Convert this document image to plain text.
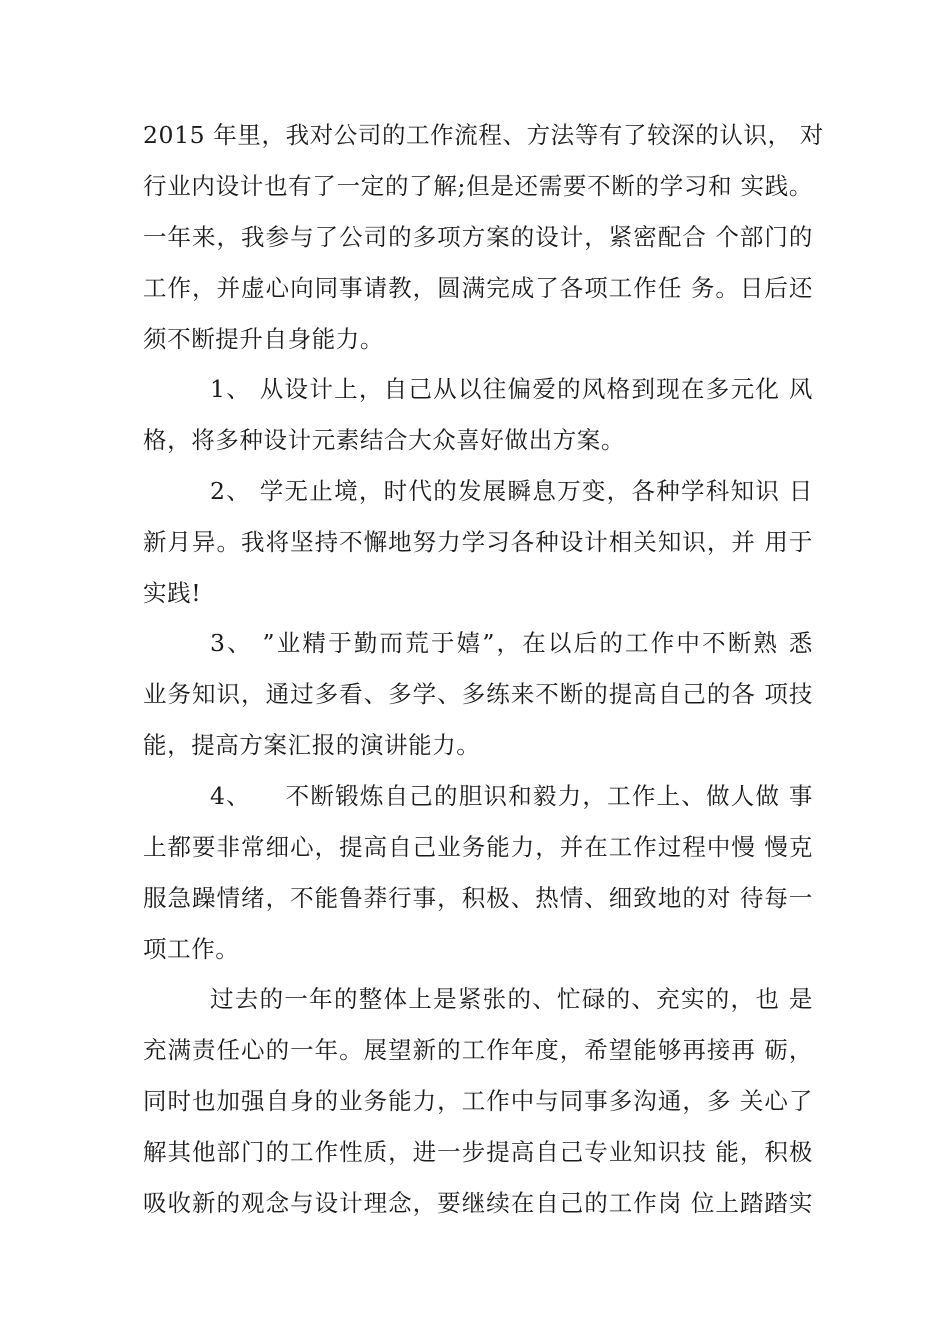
2015 年里，我对公司的工作流程、方法等有了较深的认识， 对
行业内设计也有了一定的了解;但是还需要不断的学习和 实践。
一年来，我参与了公司的多项方案的设计，紧密配合 个部门的
工作，并虚心向同事请教，圆满完成了各项工作任 务。日后还
须不断提升自身能力。
1、 从设计上，自己从以往偏爱的风格到现在多元化 风
格，将多种设计元素结合大众喜好做出方案。
2、 学无止境，时代的发展瞬息万变，各种学科知识 日
新月异。我将坚持不懈地努力学习各种设计相关知识，并 用于
实践!
3、 ”业精于勤而荒于嬉”，在以后的工作中不断熟 悉
业务知识，通过多看、多学、多练来不断的提高自己的各 项技
能，提高方案汇报的演讲能力。
4、    不断锻炼自己的胆识和毅力，工作上、做人做 事
上都要非常细心，提高自己业务能力，并在工作过程中慢 慢克
服急躁情绪，不能鲁莽行事，积极、热情、细致地的对 待每一
项工作。
过去的一年的整体上是紧张的、忙碌的、充实的，也 是
充满责任心的一年。展望新的工作年度，希望能够再接再 砺，
同时也加强自身的业务能力，工作中与同事多沟通，多 关心了
解其他部门的工作性质，进一步提高自己专业知识技 能，积极
吸收新的观念与设计理念，要继续在自己的工作岗 位上踏踏实
